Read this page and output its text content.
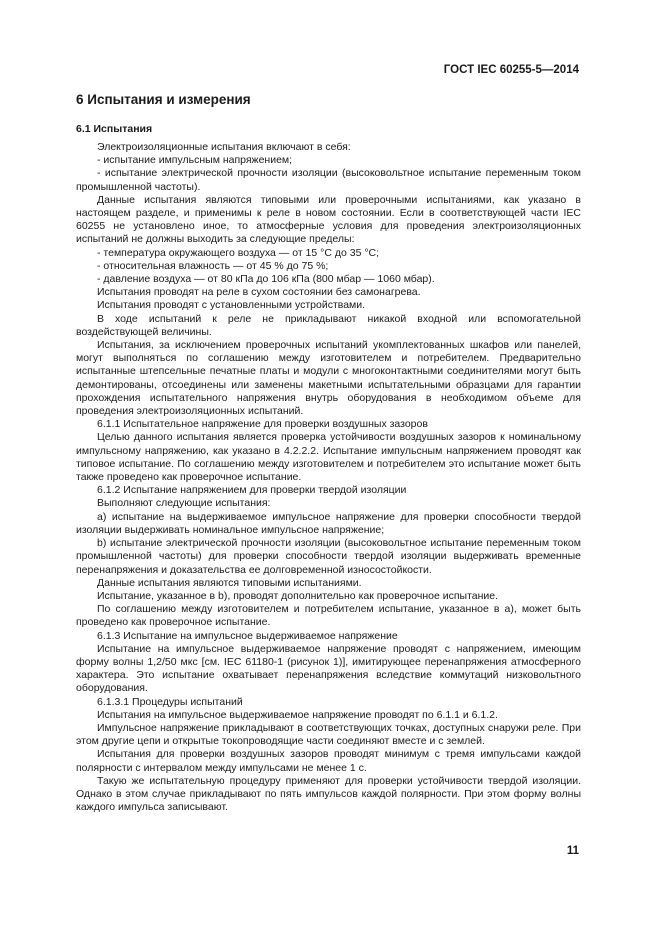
ГОСТ IEC 60255-5—2014
6 Испытания и измерения
6.1 Испытания

Электроизоляционные испытания включают в себя:

- испытание импульсным напряжением;

- испытание электрической прочности изоляции (высоковольтное испытание переменным током промышленной частоты).

Данные испытания являются типовыми или проверочными испытаниями, как указано в настоящем разделе, и применимы к реле в новом состоянии. Если в соответствующей части IEC 60255 не установлено иное, то атмосферные условия для проведения электроизоляционных испытаний не должны выходить за следующие пределы:

- температура окружающего воздуха — от 15 °C до 35 °C;

- относительная влажность — от 45 % до 75 %;

- давление воздуха — от 80 кПа до 106 кПа (800 мбар — 1060 мбар).

Испытания проводят на реле в сухом состоянии без самонагрева.

Испытания проводят с установленными устройствами.

В ходе испытаний к реле не прикладывают никакой входной или вспомогательной воздействующей величины.

Испытания, за исключением проверочных испытаний укомплектованных шкафов или панелей, могут выполняться по соглашению между изготовителем и потребителем. Предварительно испытанные штепсельные печатные платы и модули с многоконтактными соединителями могут быть демонтированы, отсоединены или заменены макетными испытательными образцами для гарантии прохождения испытательного напряжения внутрь оборудования в необходимом объеме для проведения электроизоляционных испытаний.

6.1.1 Испытательное напряжение для проверки воздушных зазоров

Целью данного испытания является проверка устойчивости воздушных зазоров к номинальному импульсному напряжению, как указано в 4.2.2.2. Испытание импульсным напряжением проводят как типовое испытание. По соглашению между изготовителем и потребителем это испытание может быть также проведено как проверочное испытание.

6.1.2 Испытание напряжением для проверки твердой изоляции

Выполняют следующие испытания:

а) испытание на выдерживаемое импульсное напряжение для проверки способности твердой изоляции выдерживать номинальное импульсное напряжение;

b) испытание электрической прочности изоляции (высоковольтное испытание переменным током промышленной частоты) для проверки способности твердой изоляции выдерживать временные перенапряжения и доказательства ее долговременной износостойкости.

Данные испытания являются типовыми испытаниями.

Испытание, указанное в b), проводят дополнительно как проверочное испытание.

По соглашению между изготовителем и потребителем испытание, указанное в а), может быть проведено как проверочное испытание.

6.1.3 Испытание на импульсное выдерживаемое напряжение

Испытание на импульсное выдерживаемое напряжение проводят с напряжением, имеющим форму волны 1,2/50 мкс [см. IEC 61180-1 (рисунок 1)], имитирующее перенапряжения атмосферного характера. Это испытание охватывает перенапряжения вследствие коммутаций низковольтного оборудования.

6.1.3.1 Процедуры испытаний

Испытания на импульсное выдерживаемое напряжение проводят по 6.1.1 и 6.1.2.

Импульсное напряжение прикладывают в соответствующих точках, доступных снаружи реле. При этом другие цепи и открытые токопроводящие части соединяют вместе и с землей.

Испытания для проверки воздушных зазоров проводят минимум с тремя импульсами каждой полярности с интервалом между импульсами не менее 1 с.

Такую же испытательную процедуру применяют для проверки устойчивости твердой изоляции. Однако в этом случае прикладывают по пять импульсов каждой полярности. При этом форму волны каждого импульса записывают.

11
